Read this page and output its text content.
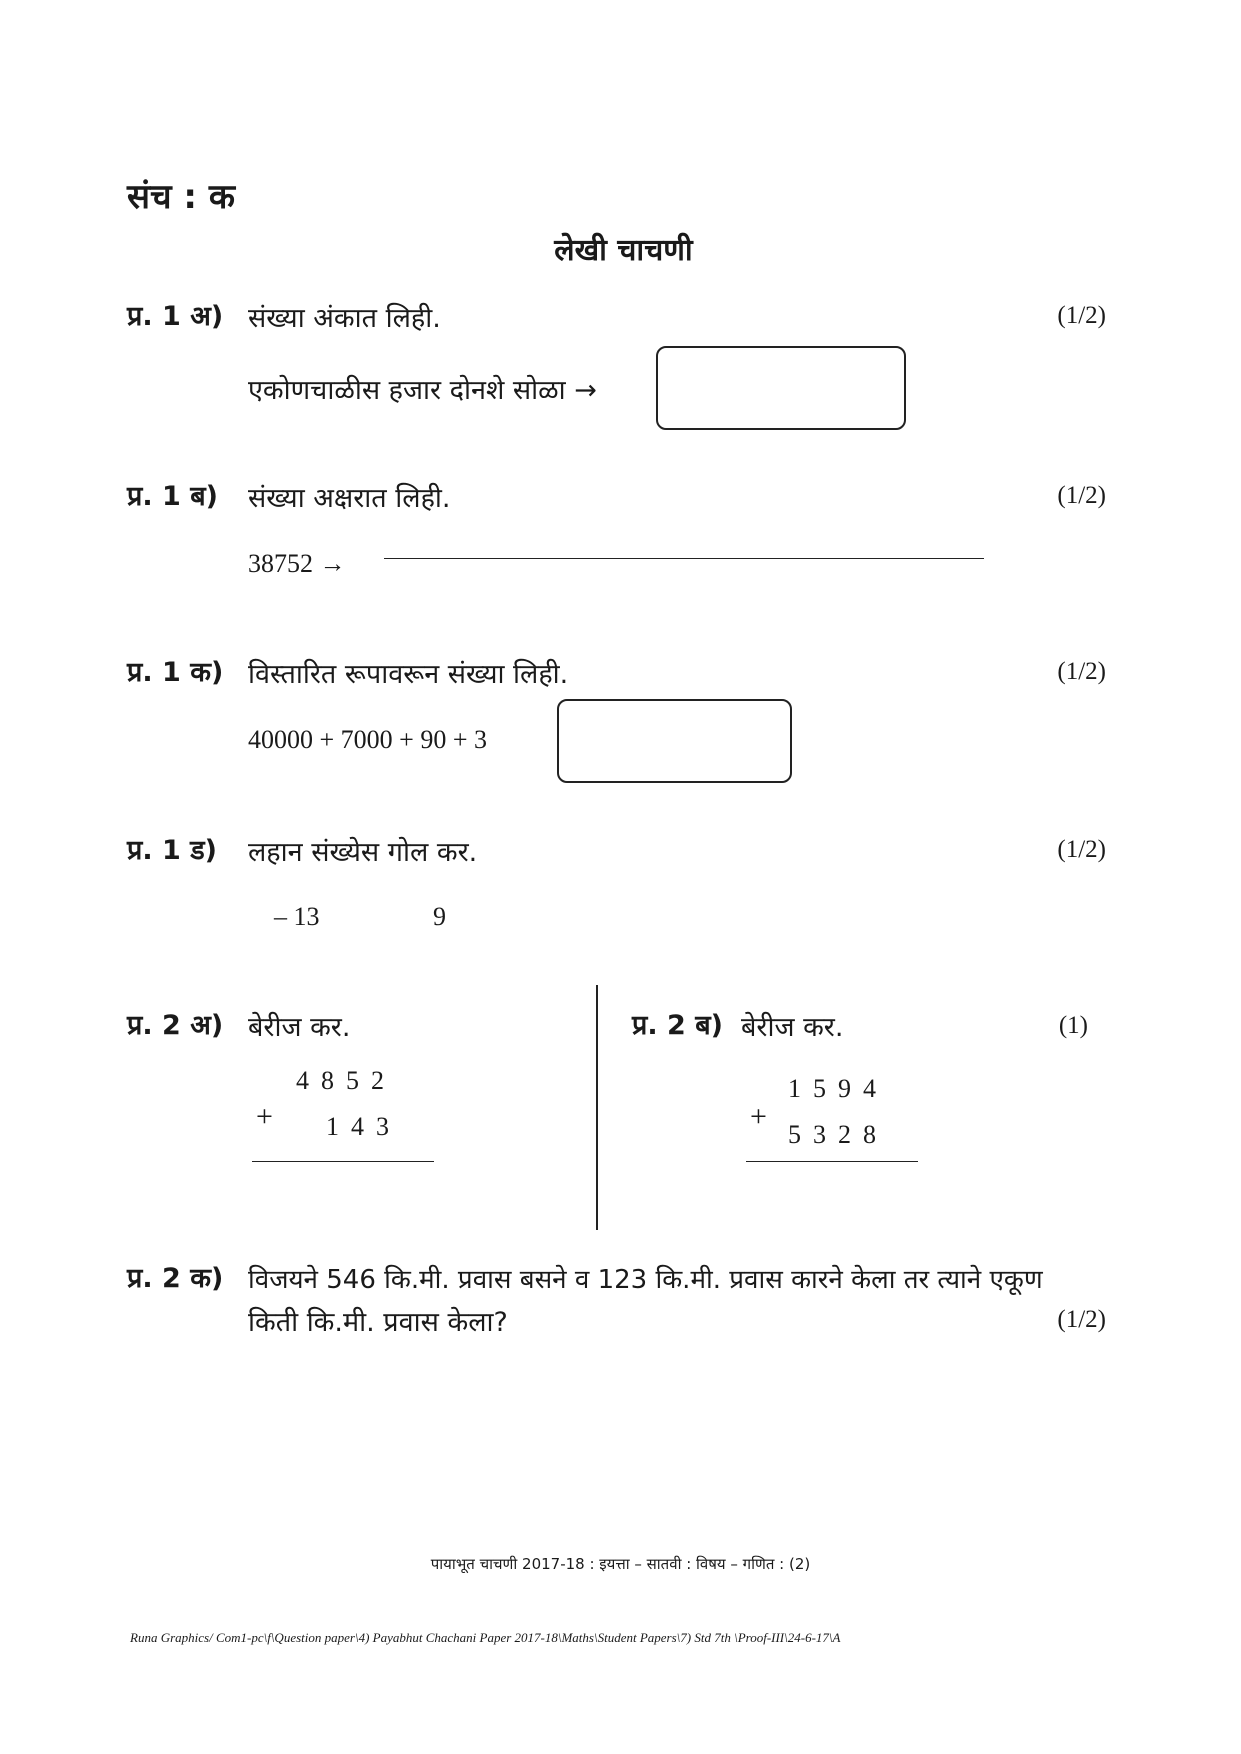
संच : क
लेखी चाचणी
प्र. 1 अ) संख्या अंकात लिही.	(1/2)
एकोणचाळीस हजार दोनशे सोळा →
प्र. 1 ब) संख्या अक्षरात लिही.	(1/2)
38752 →
प्र. 1 क) विस्तारित रूपावरून संख्या लिही.	(1/2)
40000 + 7000 + 90 + 3
प्र. 1 ड) लहान संख्येस गोल कर.	(1/2)
– 13	9
प्र. 2 अ) बेरीज कर.
4852
+ 143
प्र. 2 ब) बेरीज कर.	(1)
1594
+
5328
प्र. 2 क) विजयने 546 कि.मी. प्रवास बसने व 123 कि.मी. प्रवास कारने केला तर त्याने एकूण
किती कि.मी. प्रवास केला?	(1/2)
पायाभूत चाचणी 2017-18 : इयत्ता – सातवी : विषय – गणित : (2)
Runa Graphics/ Com1-pc\f\Question paper\4) Payabhut Chachani Paper 2017-18\Maths\Student Papers\7) Std 7th \Proof-III\24-6-17\A
